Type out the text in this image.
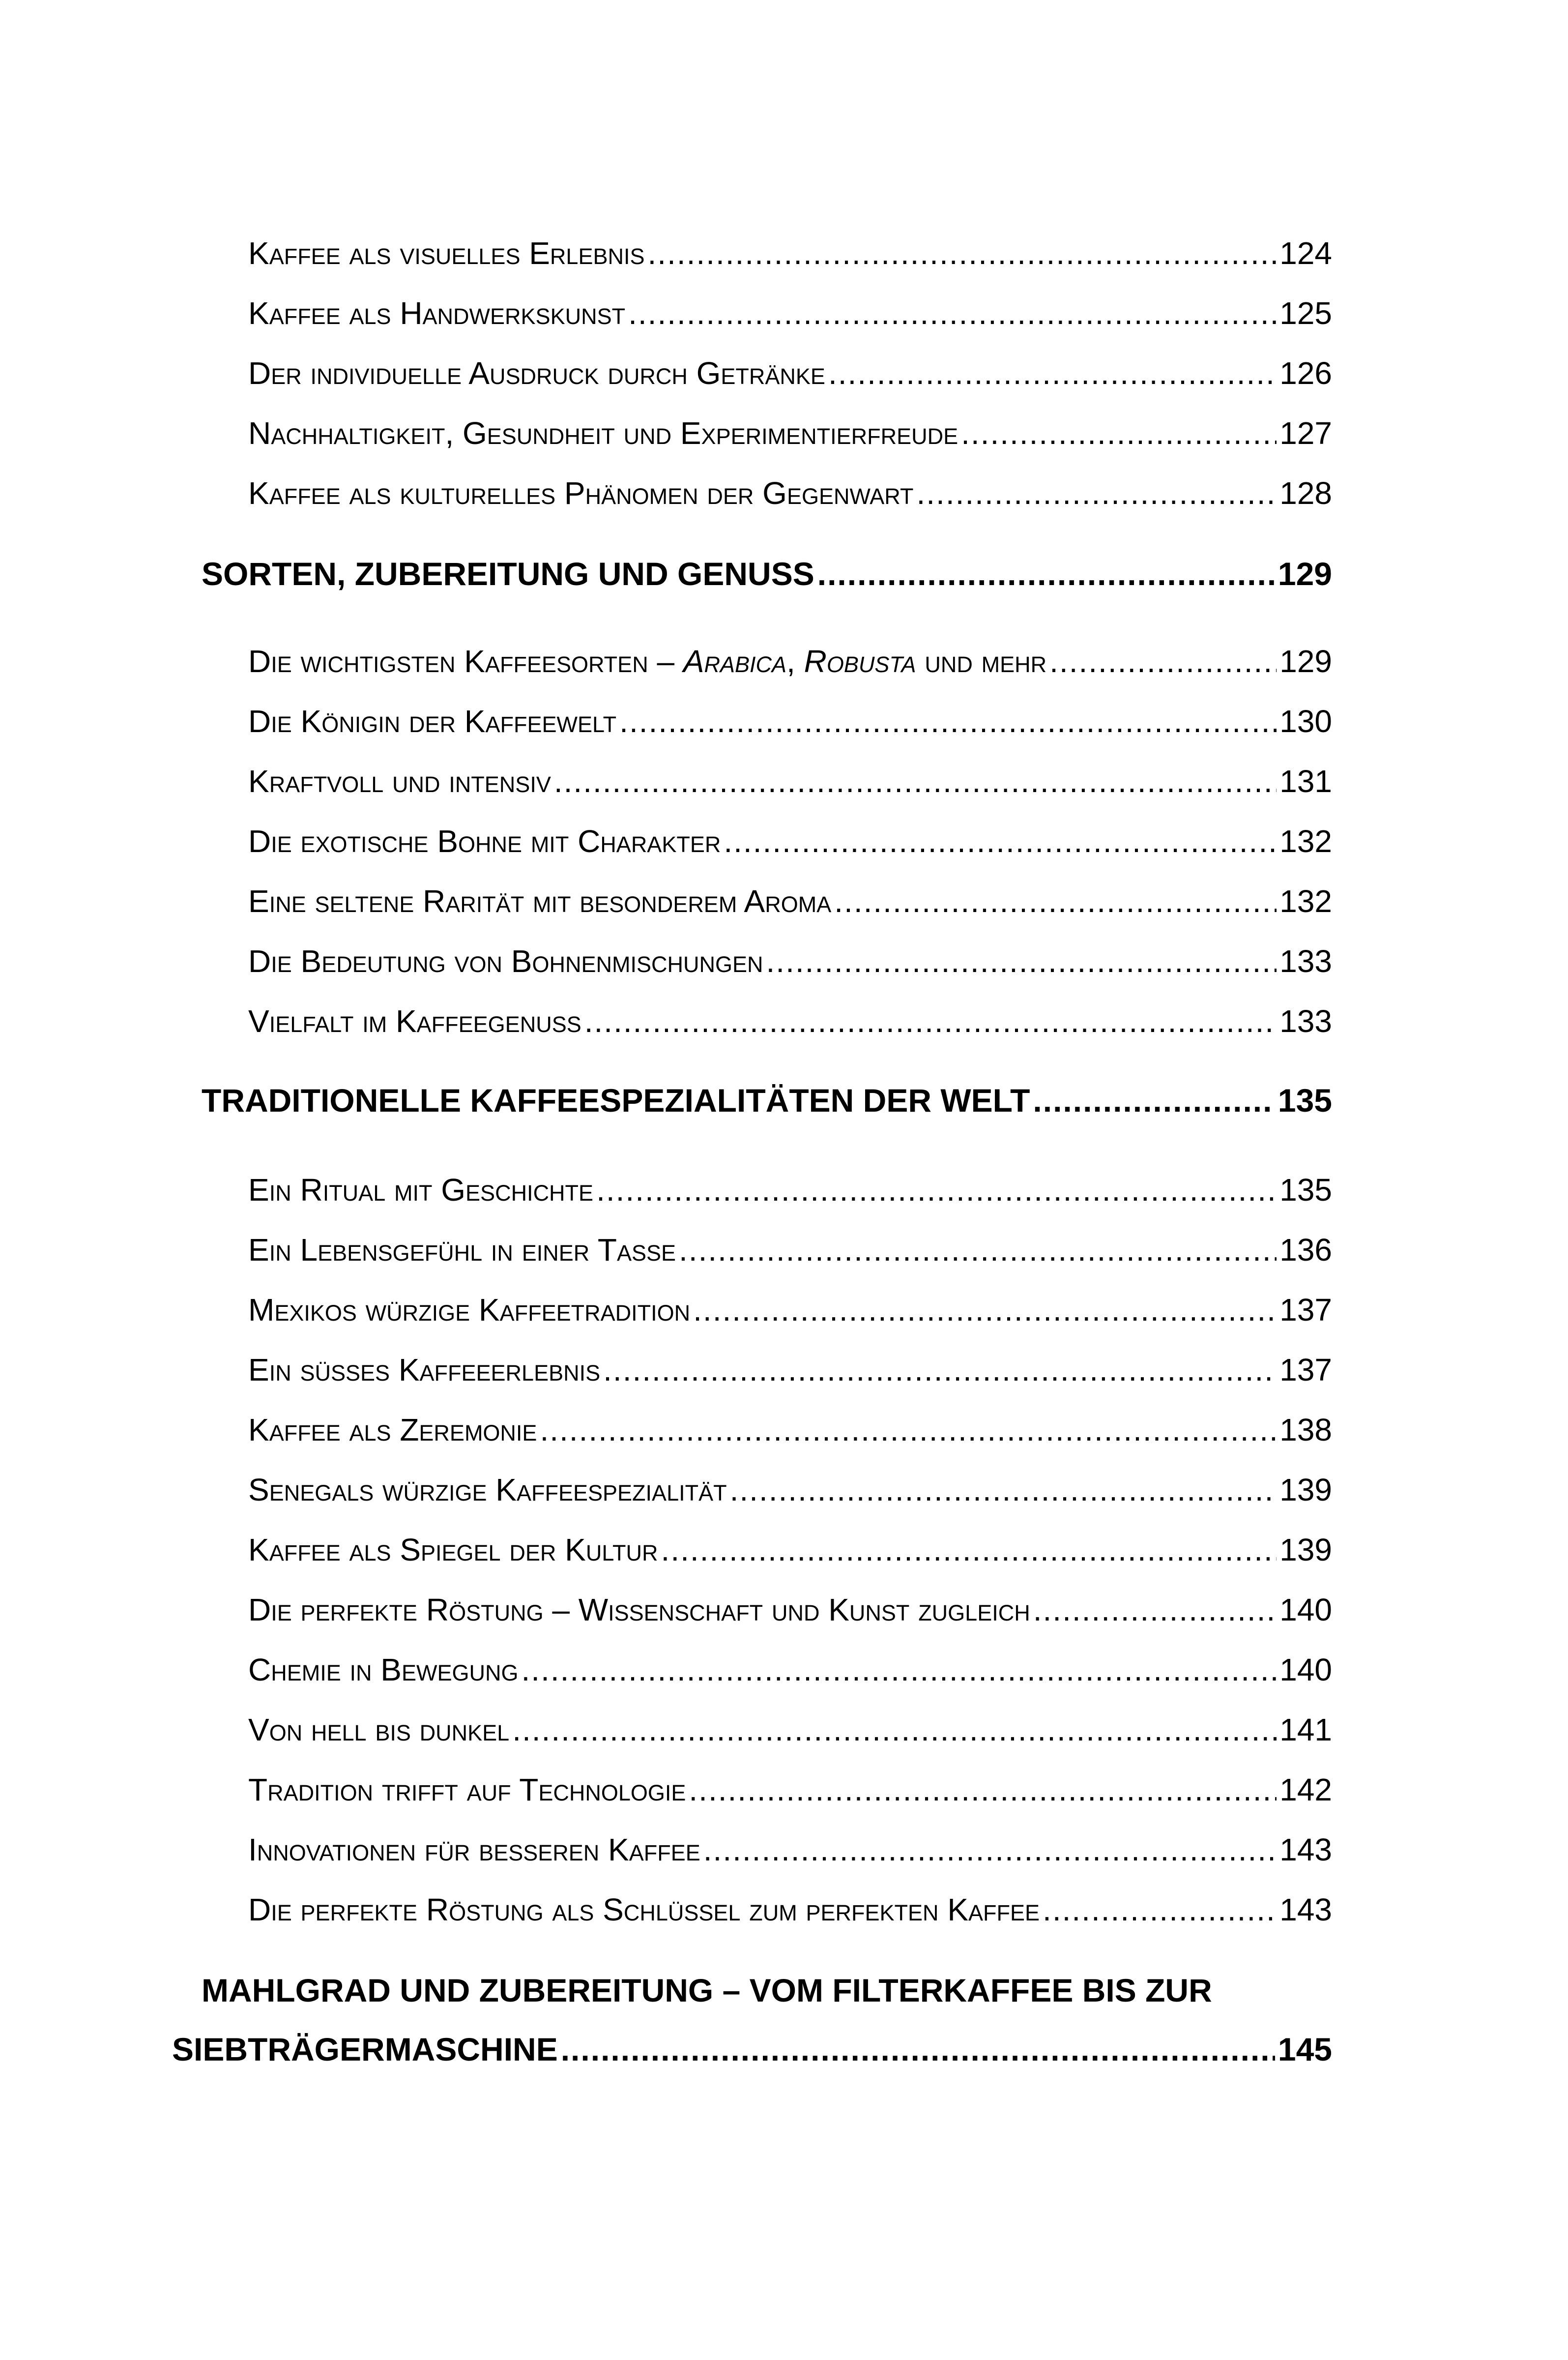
Kaffee als visuelles Erlebnis .....	124
Kaffee als Handwerkskunst .....	125
Der individuelle Ausdruck durch Getränke .....	126
Nachhaltigkeit, Gesundheit und Experimentierfreude .....	127
Kaffee als kulturelles Phänomen der Gegenwart .....	128
SORTEN, ZUBEREITUNG UND GENUSS .....	129
Die wichtigsten Kaffeesorten – Arabica, Robusta und mehr .....	129
Die Königin der Kaffeewelt .....	130
Kraftvoll und intensiv .....	131
Die exotische Bohne mit Charakter .....	132
Eine seltene Rarität mit besonderem Aroma .....	132
Die Bedeutung von Bohnenmischungen .....	133
Vielfalt im Kaffeegenuss .....	133
TRADITIONELLE KAFFEESPEZIALITÄTEN DER WELT .....	135
Ein Ritual mit Geschichte .....	135
Ein Lebensgefühl in einer Tasse .....	136
Mexikos würzige Kaffeetradition .....	137
Ein süßes Kaffeeerlebnis .....	137
Kaffee als Zeremonie .....	138
Senegals würzige Kaffeespezialität .....	139
Kaffee als Spiegel der Kultur .....	139
Die perfekte Röstung – Wissenschaft und Kunst zugleich .....	140
Chemie in Bewegung .....	140
Von hell bis dunkel .....	141
Tradition trifft auf Technologie .....	142
Innovationen für besseren Kaffee .....	143
Die perfekte Röstung als Schlüssel zum perfekten Kaffee .....	143
MAHLGRAD UND ZUBEREITUNG – VOM FILTERKAFFEE BIS ZUR
SIEBTRÄGERMASCHINE .....	145
